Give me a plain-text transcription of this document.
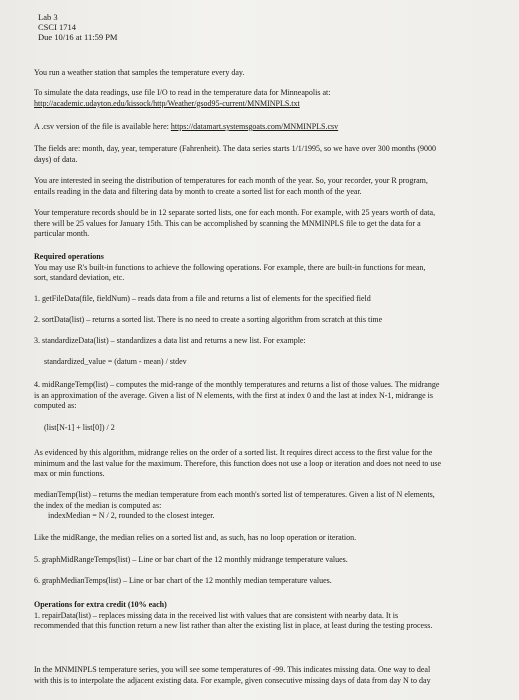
Lab 3
CSCI 1714
Due 10/16 at 11:59 PM
You run a weather station that samples the temperature every day.
To simulate the data readings, use file I/O to read in the temperature data for Minneapolis at:
http://academic.udayton.edu/kissock/http/Weather/gsod95-current/MNMINPLS.txt
A .csv version of the file is available here: https://datamart.systemsgoats.com/MNMINPLS.csv
The fields are: month, day, year, temperature (Fahrenheit). The data series starts 1/1/1995, so we have over 300 months (9000
days) of data.
You are interested in seeing the distribution of temperatures for each month of the year. So, your recorder, your R program,
entails reading in the data and filtering data by month to create a sorted list for each month of the year.
Your temperature records should be in 12 separate sorted lists, one for each month. For example, with 25 years worth of data,
there will be 25 values for January 15th. This can be accomplished by scanning the MNMINPLS file to get the data for a
particular month.
Required operations
You may use R's built-in functions to achieve the following operations. For example, there are built-in functions for mean,
sort, standard deviation, etc.
1. getFileData(file, fieldNum) – reads data from a file and returns a list of elements for the specified field
2. sortData(list) – returns a sorted list. There is no need to create a sorting algorithm from scratch at this time
3. standardizeData(list) – standardizes a data list and returns a new list. For example:
standardized_value = (datum - mean) / stdev
4. midRangeTemp(list) – computes the mid-range of the monthly temperatures and returns a list of those values. The midrange
is an approximation of the average. Given a list of N elements, with the first at index 0 and the last at index N-1, midrange is
computed as:
(list[N-1] + list[0]) / 2
As evidenced by this algorithm, midrange relies on the order of a sorted list. It requires direct access to the first value for the
minimum and the last value for the maximum. Therefore, this function does not use a loop or iteration and does not need to use
max or min functions.
medianTemp(list) – returns the median temperature from each month's sorted list of temperatures. Given a list of N elements,
the index of the median is computed as:
indexMedian = N / 2, rounded to the closest integer.
Like the midRange, the median relies on a sorted list and, as such, has no loop operation or iteration.
5. graphMidRangeTemps(list) – Line or bar chart of the 12 monthly midrange temperature values.
6. graphMedianTemps(list) – Line or bar chart of the 12 monthly median temperature values.
Operations for extra credit (10% each)
1. repairData(list) – replaces missing data in the received list with values that are consistent with nearby data. It is
recommended that this function return a new list rather than alter the existing list in place, at least during the testing process.
In the MNMINPLS temperature series, you will see some temperatures of -99. This indicates missing data. One way to deal
with this is to interpolate the adjacent existing data. For example, given consecutive missing days of data from day N to day
